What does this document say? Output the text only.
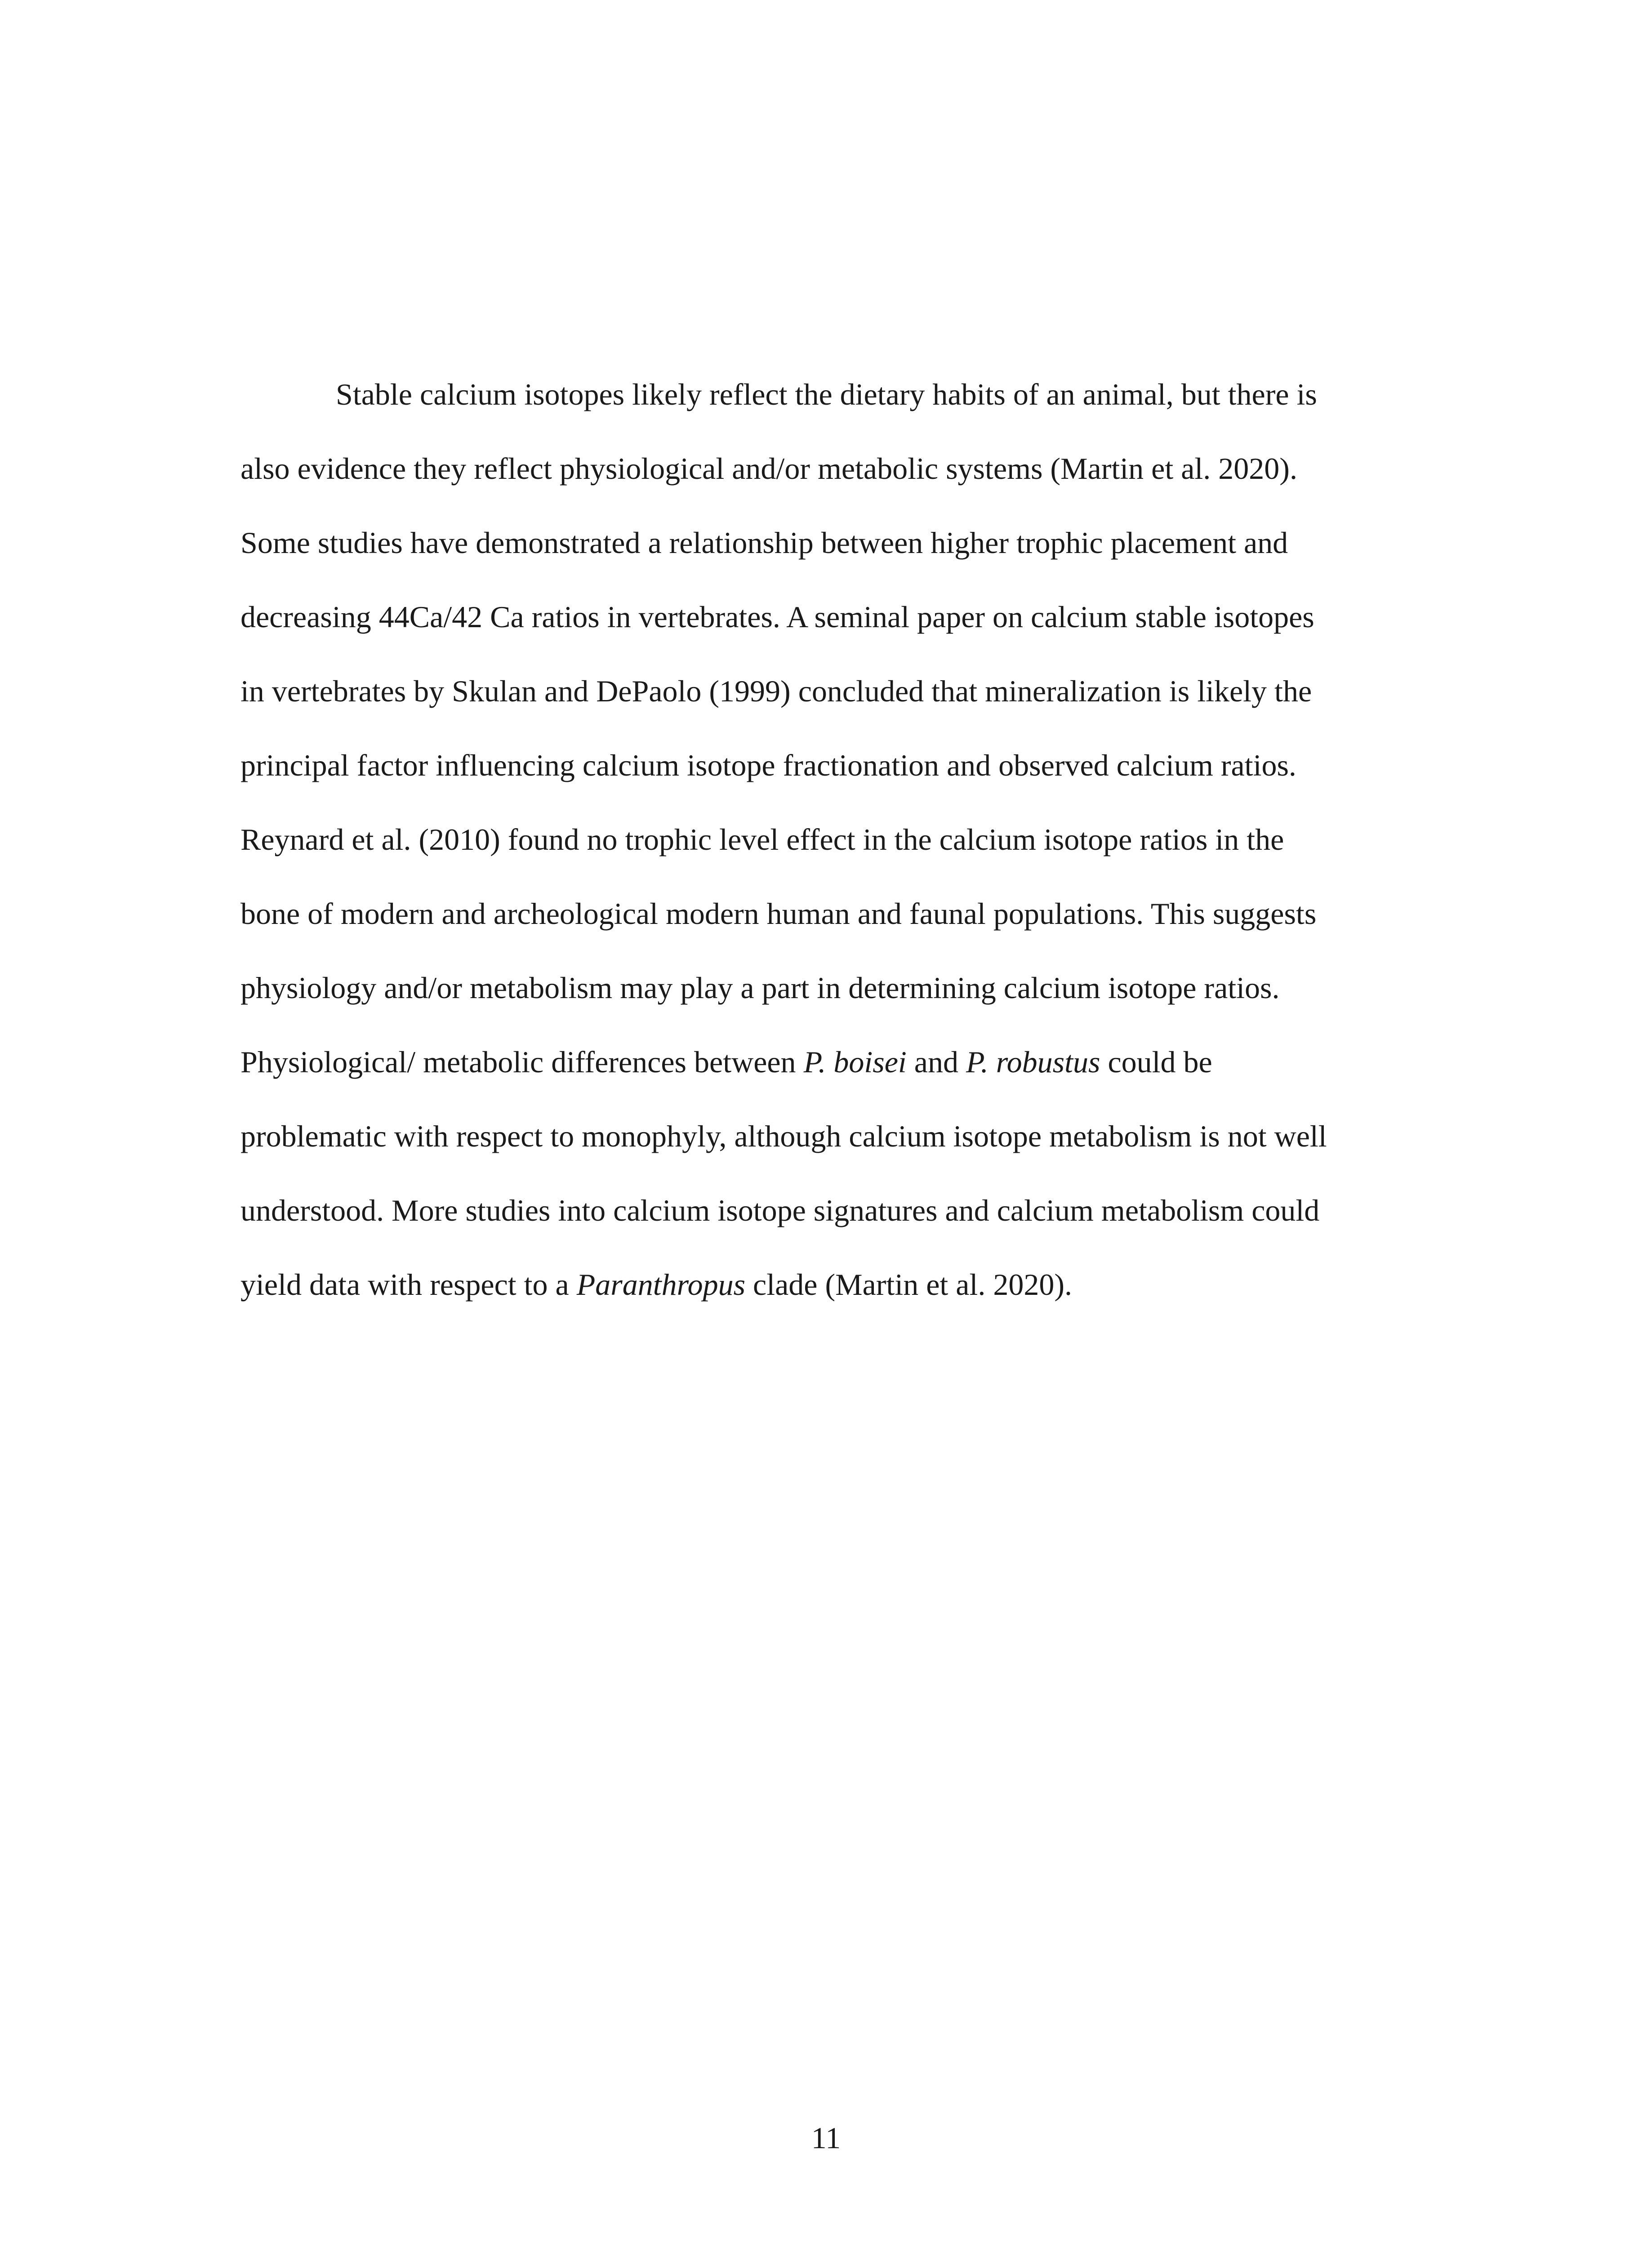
Stable calcium isotopes likely reflect the dietary habits of an animal, but there is
also evidence they reflect physiological and/or metabolic systems (Martin et al. 2020).
Some studies have demonstrated a relationship between higher trophic placement and
decreasing 44Ca/42 Ca ratios in vertebrates. A seminal paper on calcium stable isotopes
in vertebrates by Skulan and DePaolo (1999) concluded that mineralization is likely the
principal factor influencing calcium isotope fractionation and observed calcium ratios.
Reynard et al. (2010) found no trophic level effect in the calcium isotope ratios in the
bone of modern and archeological modern human and faunal populations. This suggests
physiology and/or metabolism may play a part in determining calcium isotope ratios.
Physiological/ metabolic differences between P. boisei and P. robustus could be
problematic with respect to monophyly, although calcium isotope metabolism is not well
understood. More studies into calcium isotope signatures and calcium metabolism could
yield data with respect to a Paranthropus clade (Martin et al. 2020).
11
